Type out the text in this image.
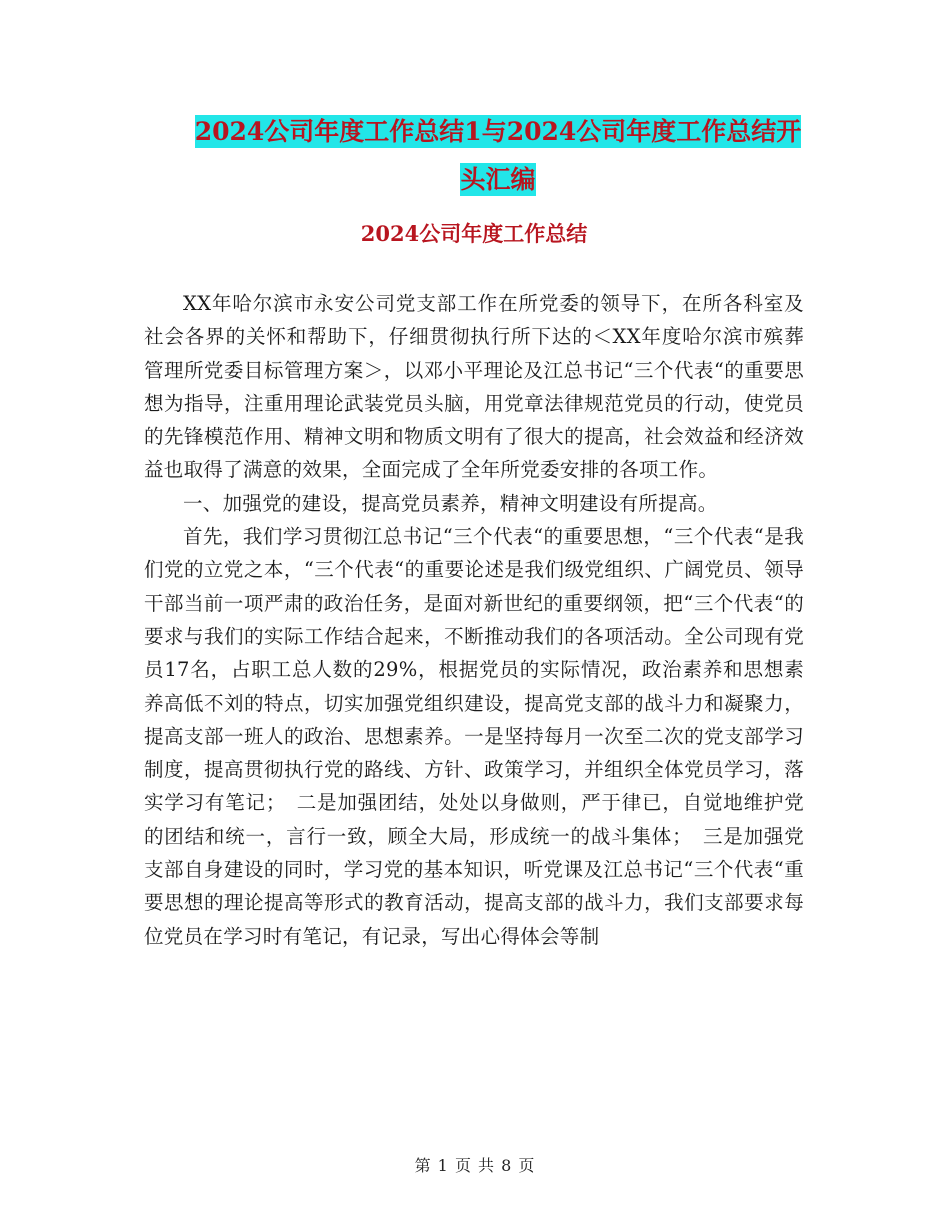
2024公司年度工作总结1与2024公司年度工作总结开
头汇编
2024公司年度工作总结

XX年哈尔滨市永安公司党支部工作在所党委的领导下，在所各科室及社会各界的关怀和帮助下，仔细贯彻执行所下达的＜XX年度哈尔滨市殡葬管理所党委目标管理方案＞，以邓小平理论及江总书记“三个代表“的重要思想为指导，注重用理论武装党员头脑，用党章法律规范党员的行动，使党员的先锋模范作用、精神文明和物质文明有了很大的提高，社会效益和经济效益也取得了满意的效果，全面完成了全年所党委安排的各项工作。

一、加强党的建设，提高党员素养，精神文明建设有所提高。

首先，我们学习贯彻江总书记“三个代表“的重要思想，“三个代表“是我们党的立党之本，“三个代表“的重要论述是我们级党组织、广阔党员、领导干部当前一项严肃的政治任务，是面对新世纪的重要纲领，把“三个代表“的要求与我们的实际工作结合起来，不断推动我们的各项活动。全公司现有党员17名，占职工总人数的29%，根据党员的实际情况，政治素养和思想素养高低不刘的特点，切实加强党组织建设，提高党支部的战斗力和凝聚力，提高支部一班人的政治、思想素养。一是坚持每月一次至二次的党支部学习制度，提高贯彻执行党的路线、方针、政策学习，并组织全体党员学习，落实学习有笔记；　二是加强团结，处处以身做则，严于律已，自觉地维护党的团结和统一，言行一致，顾全大局，形成统一的战斗集体；　三是加强党支部自身建设的同时，学习党的基本知识，听党课及江总书记“三个代表“重要思想的理论提高等形式的教育活动，提高支部的战斗力，我们支部要求每位党员在学习时有笔记，有记录，写出心得体会等制

第 1 页 共 8 页
